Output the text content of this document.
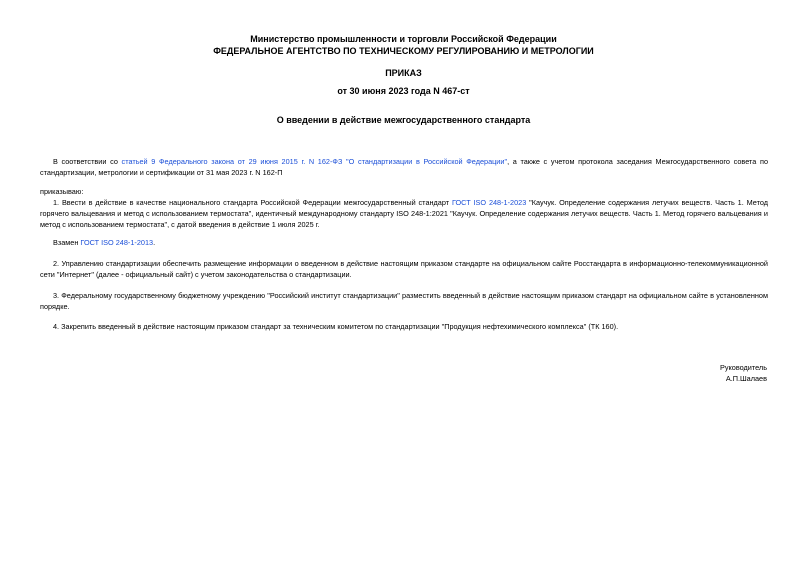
Министерство промышленности и торговли Российской Федерации
ФЕДЕРАЛЬНОЕ АГЕНТСТВО ПО ТЕХНИЧЕСКОМУ РЕГУЛИРОВАНИЮ И МЕТРОЛОГИИ
ПРИКАЗ
от 30 июня 2023 года N 467-ст
О введении в действие межгосударственного стандарта
В соответствии со статьей 9 Федерального закона от 29 июня 2015 г. N 162-ФЗ "О стандартизации в Российской Федерации", а также с учетом протокола заседания Межгосударственного совета по стандартизации, метрологии и сертификации от 31 мая 2023 г. N 162-П
приказываю:
1. Ввести в действие в качестве национального стандарта Российской Федерации межгосударственный стандарт ГОСТ ISO 248-1-2023 "Каучук. Определение содержания летучих веществ. Часть 1. Метод горячего вальцевания и метод с использованием термостата", идентичный международному стандарту ISO 248-1:2021 "Каучук. Определение содержания летучих веществ. Часть 1. Метод горячего вальцевания и метод с использованием термостата", с датой введения в действие 1 июля 2025 г.
Взамен ГОСТ ISO 248-1-2013.
2. Управлению стандартизации обеспечить размещение информации о введенном в действие настоящим приказом стандарте на официальном сайте Росстандарта в информационно-телекоммуникационной сети "Интернет" (далее - официальный сайт) с учетом законодательства о стандартизации.
3. Федеральному государственному бюджетному учреждению "Российский институт стандартизации" разместить введенный в действие настоящим приказом стандарт на официальном сайте в установленном порядке.
4. Закрепить введенный в действие настоящим приказом стандарт за техническим комитетом по стандартизации "Продукция нефтехимического комплекса" (ТК 160).
Руководитель
А.П.Шалаев
